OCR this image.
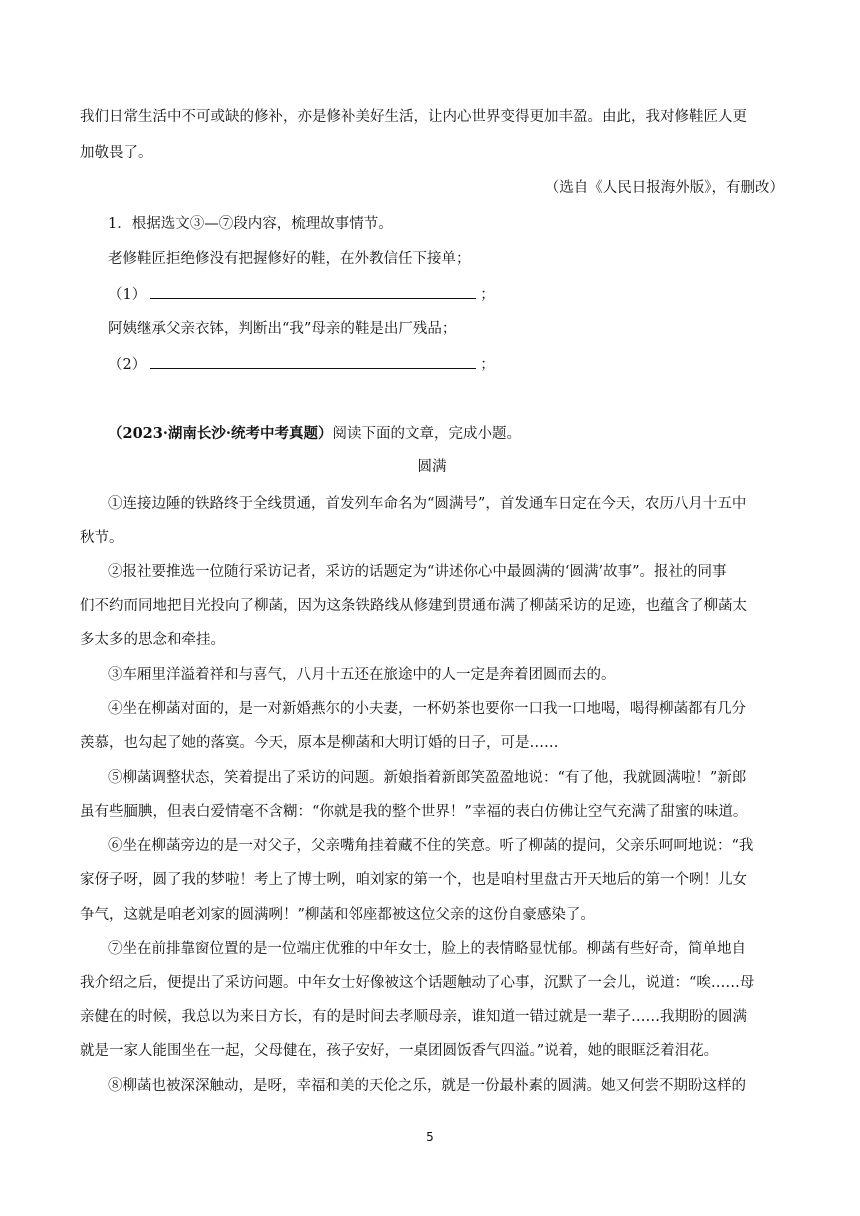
我们日常生活中不可或缺的修补，亦是修补美好生活，让内心世界变得更加丰盈。由此，我对修鞋匠人更
加敬畏了。
（选自《人民日报海外版》，有删改）
1．根据选文③—⑦段内容，梳理故事情节。
老修鞋匠拒绝修没有把握修好的鞋，在外教信任下接单；
（1）	；
阿姨继承父亲衣钵，判断出“我”母亲的鞋是出厂残品；
（2）	；
（2023·湖南长沙·统考中考真题）阅读下面的文章，完成小题。
圆满
①连接边陲的铁路终于全线贯通，首发列车命名为“圆满号”，首发通车日定在今天，农历八月十五中
秋节。
②报社要推选一位随行采访记者，采访的话题定为“讲述你心中最圆满的‘圆满’故事”。报社的同事
们不约而同地把目光投向了柳菡，因为这条铁路线从修建到贯通布满了柳菡采访的足迹，也蕴含了柳菡太
多太多的思念和牵挂。
③车厢里洋溢着祥和与喜气，八月十五还在旅途中的人一定是奔着团圆而去的。
④坐在柳菡对面的，是一对新婚燕尔的小夫妻，一杯奶茶也要你一口我一口地喝，喝得柳菡都有几分
羡慕，也勾起了她的落寞。今天，原本是柳菡和大明订婚的日子，可是……
⑤柳菡调整状态，笑着提出了采访的问题。新娘指着新郎笑盈盈地说：“有了他，我就圆满啦！”新郎
虽有些腼腆，但表白爱情毫不含糊：“你就是我的整个世界！”幸福的表白仿佛让空气充满了甜蜜的味道。
⑥坐在柳菡旁边的是一对父子，父亲嘴角挂着藏不住的笑意。听了柳菡的提问，父亲乐呵呵地说：“我
家伢子呀，圆了我的梦啦！考上了博士咧，咱刘家的第一个，也是咱村里盘古开天地后的第一个咧！儿女
争气，这就是咱老刘家的圆满咧！”柳菡和邻座都被这位父亲的这份自豪感染了。
⑦坐在前排靠窗位置的是一位端庄优雅的中年女士，脸上的表情略显忧郁。柳菡有些好奇，简单地自
我介绍之后，便提出了采访问题。中年女士好像被这个话题触动了心事，沉默了一会儿，说道：“唉……母
亲健在的时候，我总以为来日方长，有的是时间去孝顺母亲，谁知道一错过就是一辈子……我期盼的圆满
就是一家人能围坐在一起，父母健在，孩子安好，一桌团圆饭香气四溢。”说着，她的眼眶泛着泪花。
⑧柳菡也被深深触动，是呀，幸福和美的天伦之乐，就是一份最朴素的圆满。她又何尝不期盼这样的
5
